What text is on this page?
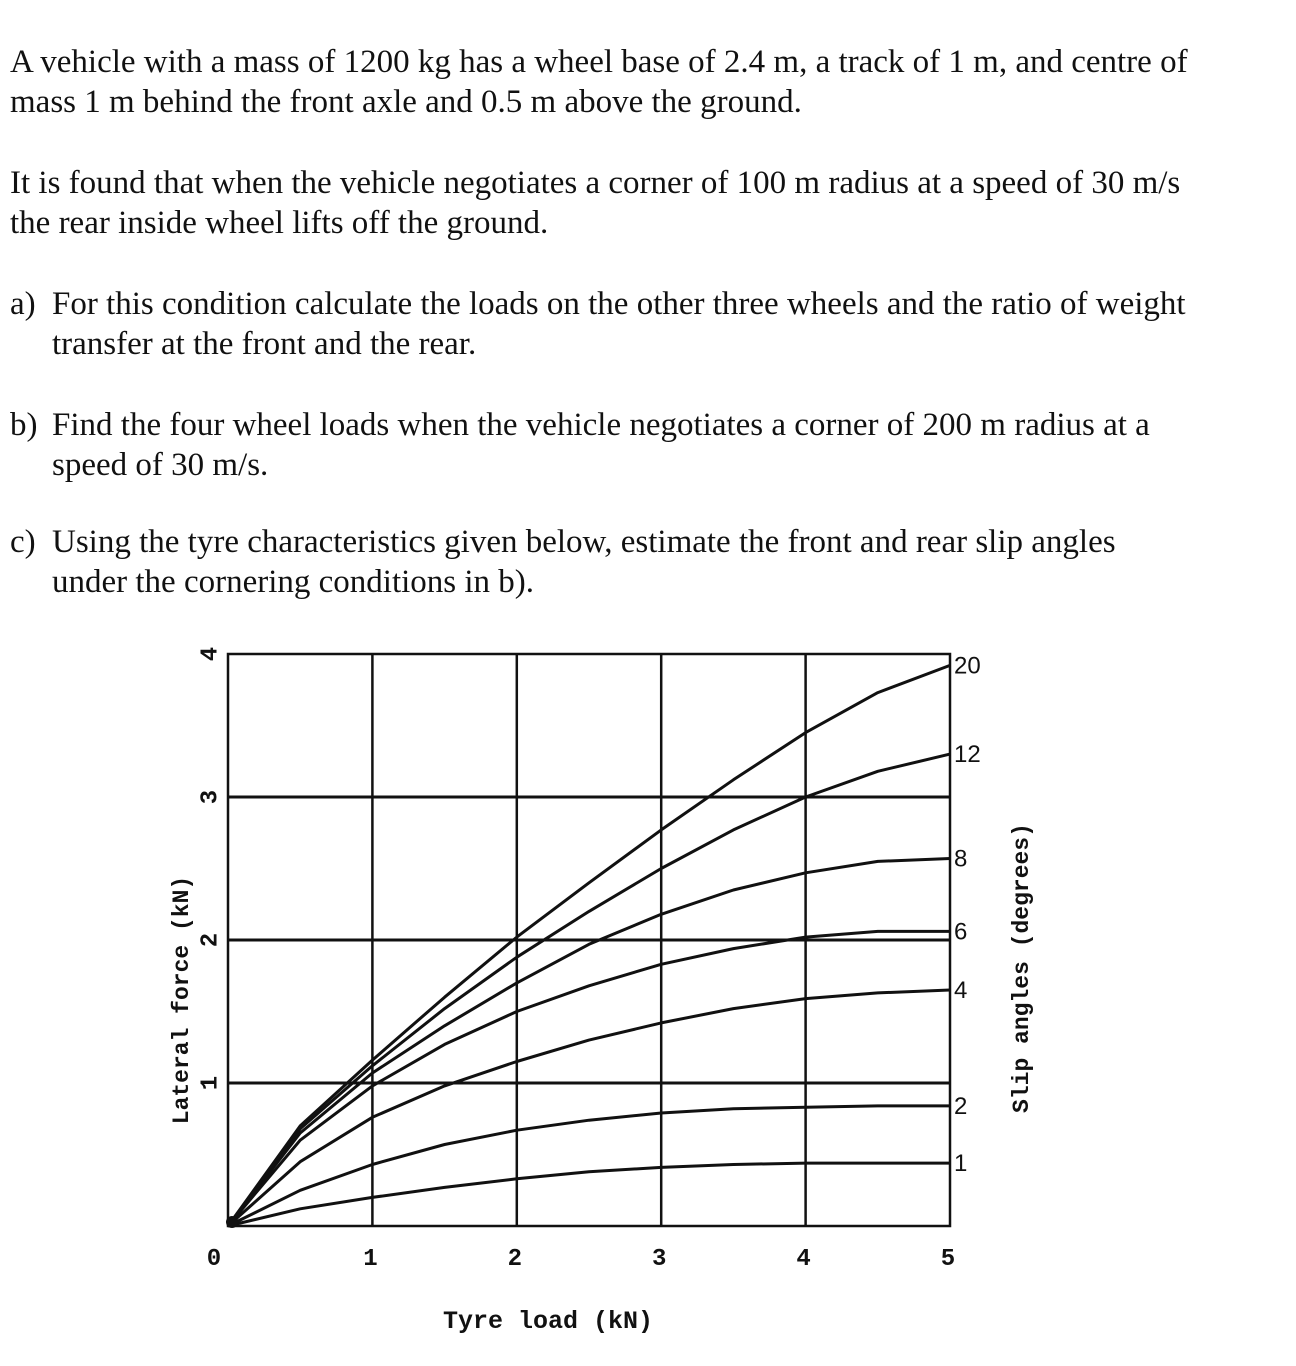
A vehicle with a mass of 1200 kg has a wheel base of 2.4 m, a track of 1 m, and centre of
mass 1 m behind the front axle and 0.5 m above the ground.

It is found that when the vehicle negotiates a corner of 100 m radius at a speed of 30 m/s
the rear inside wheel lifts off the ground.

a) For this condition calculate the loads on the other three wheels and the ratio of weight
transfer at the front and the rear.

b) Find the four wheel loads when the vehicle negotiates a corner of 200 m radius at a
speed of 30 m/s.

c) Using the tyre characteristics given below, estimate the front and rear slip angles
under the cornering conditions in b).

0	1	2	3	4	5
1
2
3
4
Tyre load (kN)
Lateral force (kN)	Slip angles (degrees)
1
2
4
6
8
12
20
